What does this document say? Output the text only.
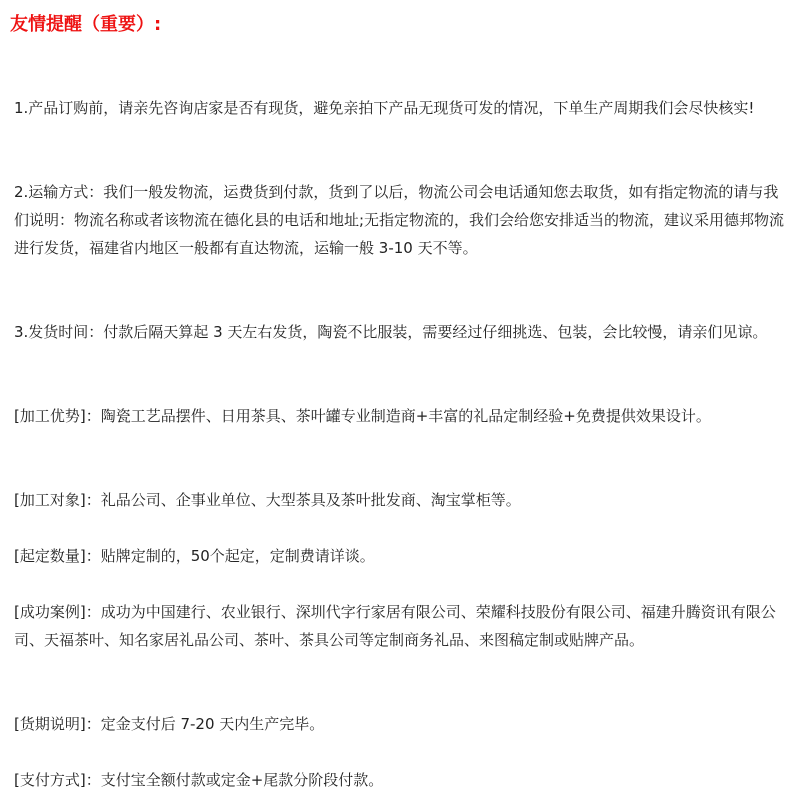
友情提醒（重要）:

1.产品订购前，请亲先咨询店家是否有现货，避免亲拍下产品无现货可发的情况，下单生产周期我们会尽快核实!

2.运输方式：我们一般发物流，运费货到付款，货到了以后，物流公司会电话通知您去取货，如有指定物流的请与我们说明：物流名称或者该物流在德化县的电话和地址;无指定物流的，我们会给您安排适当的物流，建议采用德邦物流进行发货，福建省内地区一般都有直达物流，运输一般 3-10 天不等。

3.发货时间：付款后隔天算起 3 天左右发货，陶瓷不比服装，需要经过仔细挑选、包装，会比较慢，请亲们见谅。

[加工优势]：陶瓷工艺品摆件、日用茶具、茶叶罐专业制造商+丰富的礼品定制经验+免费提供效果设计。

[加工对象]：礼品公司、企事业单位、大型茶具及茶叶批发商、淘宝掌柜等。

[起定数量]：贴牌定制的，50个起定，定制费请详谈。

[成功案例]：成功为中国建行、农业银行、深圳代字行家居有限公司、荣耀科技股份有限公司、福建升腾资讯有限公司、天福茶叶、知名家居礼品公司、茶叶、茶具公司等定制商务礼品、来图稿定制或贴牌产品。

[货期说明]：定金支付后 7-20 天内生产完毕。

[支付方式]：支付宝全额付款或定金+尾款分阶段付款。
